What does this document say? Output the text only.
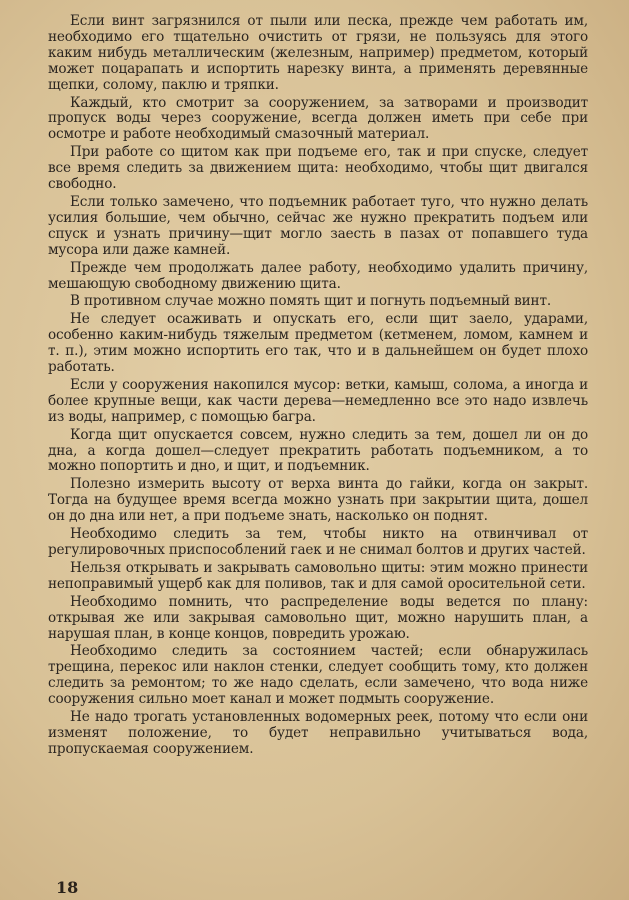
Если винт загрязнился от пыли или песка, прежде чем работать им, необходимо его тщательно очистить от грязи, не пользуясь для этого каким нибудь металлическим (железным, например) предметом, который может поцарапать и испортить нарезку винта, а применять деревянные щепки, солому, паклю и тряпки.

Каждый, кто смотрит за сооружением, за затворами и производит пропуск воды через сооружение, всегда должен иметь при себе при осмотре и работе необходимый смазочный материал.

При работе со щитом как при подъеме его, так и при спуске, следует все время следить за движением щита: необходимо, чтобы щит двигался свободно.

Если только замечено, что подъемник работает туго, что нужно делать усилия большие, чем обычно, сейчас же нужно прекратить подъем или спуск и узнать причину—щит могло заесть в пазах от попавшего туда мусора или даже камней.

Прежде чем продолжать далее работу, необходимо удалить причину, мешающую свободному движению щита.

В противном случае можно помять щит и погнуть подъемный винт.

Не следует осаживать и опускать его, если щит заело, ударами, особенно каким-нибудь тяжелым предметом (кетменем, ломом, камнем и т. п.), этим можно испортить его так, что и в дальнейшем он будет плохо работать.

Если у сооружения накопился мусор: ветки, камыш, солома, а иногда и более крупные вещи, как части дерева—немедленно все это надо извлечь из воды, например, с помощью багра.

Когда щит опускается совсем, нужно следить за тем, дошел ли он до дна, а когда дошел—следует прекратить работать подъемником, а то можно попортить и дно, и щит, и подъемник.

Полезно измерить высоту от верха винта до гайки, когда он закрыт. Тогда на будущее время всегда можно узнать при закрытии щита, дошел он до дна или нет, а при подъеме знать, насколько он поднят.

Необходимо следить за тем, чтобы никто на отвинчивал от регулировочных приспособлений гаек и не снимал болтов и других частей.

Нельзя открывать и закрывать самовольно щиты: этим можно принести непоправимый ущерб как для поливов, так и для самой оросительной сети.

Необходимо помнить, что распределение воды ведется по плану: открывая же или закрывая самовольно щит, можно нарушить план, а нарушая план, в конце концов, повредить урожаю.

Необходимо следить за состоянием частей; если обнаружилась трещина, перекос или наклон стенки, следует сообщить тому, кто должен следить за ремонтом; то же надо сделать, если замечено, что вода ниже сооружения сильно моет канал и может подмыть сооружение.

Не надо трогать установленных водомерных реек, потому что если они изменят положение, то будет неправильно учитываться вода, пропускаемая сооружением.

18
